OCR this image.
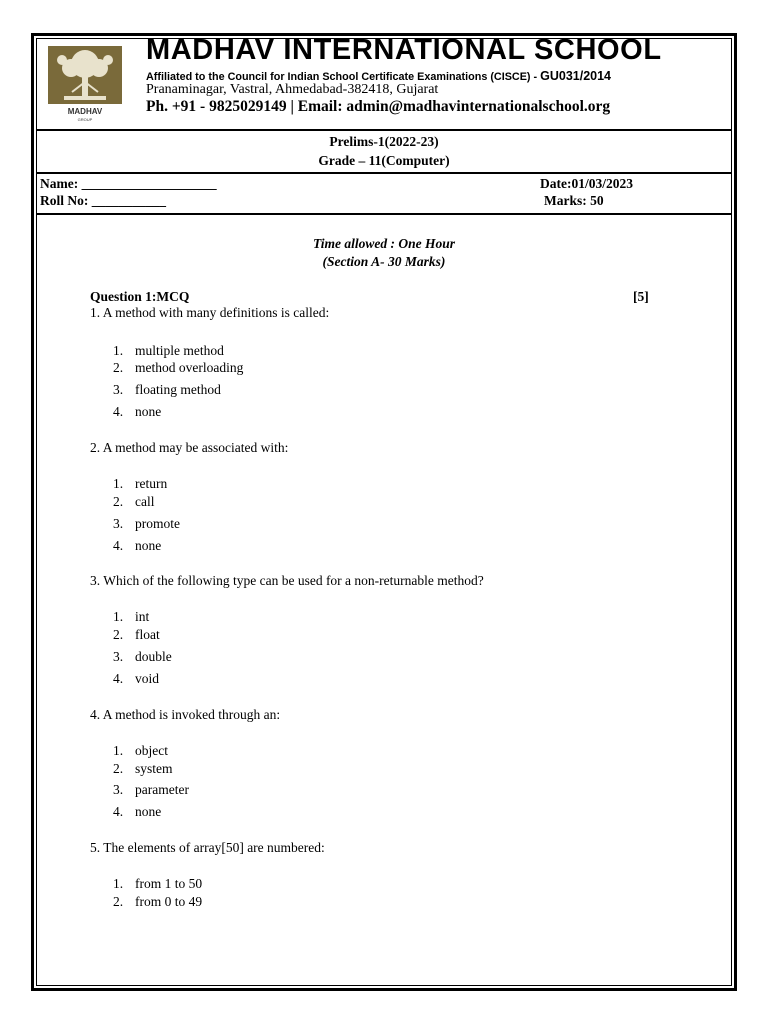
MADHAV
GROUP
MADHAV INTERNATIONAL SCHOOL
Affiliated to the Council for Indian School Certificate Examinations (CISCE) - GU031/2014
Pranaminagar, Vastral, Ahmedabad-382418, Gujarat
Ph. +91 - 9825029149 | Email: admin@madhavinternationalschool.org
Prelims-1(2022-23)
Grade – 11(Computer)
Name: ____________________
Roll No: ___________
Date:01/03/2023
Marks: 50
Time allowed : One Hour
(Section A- 30 Marks)
Question 1:MCQ	[5]
1. A method with many definitions is called:
1. multiple method
2. method overloading
3. floating method
4. none
2. A method may be associated with:
1. return
2. call
3. promote
4. none
3. Which of the following type can be used for a non-returnable method?
1. int
2. float
3. double
4. void
4. A method is invoked through an:
1. object
2. system
3. parameter
4. none
5. The elements of array[50] are numbered:
1. from 1 to 50
2. from 0 to 49
